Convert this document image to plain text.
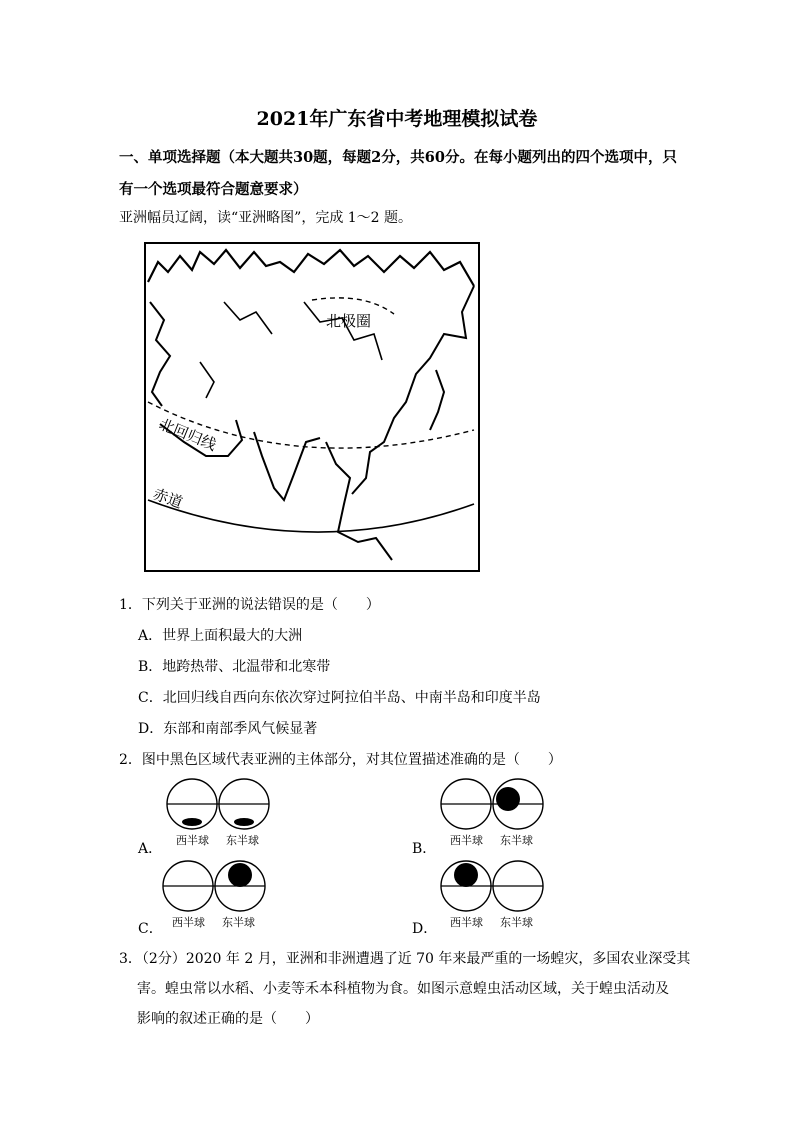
2021年广东省中考地理模拟试卷
一、单项选择题（本大题共30题，每题2分，共60分。在每小题列出的四个选项中，只
有一个选项最符合题意要求）
亚洲幅员辽阔，读“亚洲略图”，完成 1～2 题。
北极圈
北回归线
赤道
1．下列关于亚洲的说法错误的是（　　）
A．世界上面积最大的大洲
B．地跨热带、北温带和北寒带
C．北回归线自西向东依次穿过阿拉伯半岛、中南半岛和印度半岛
D．东部和南部季风气候显著
2．图中黑色区域代表亚洲的主体部分，对其位置描述准确的是（　　）
A．
西半球 东半球
B．
西半球 东半球
C． 西半球 东半球	D． 西半球 东半球
3．（2分）2020 年 2 月，亚洲和非洲遭遇了近 70 年来最严重的一场蝗灾，多国农业深受其
害。蝗虫常以水稻、小麦等禾本科植物为食。如图示意蝗虫活动区域，关于蝗虫活动及
影响的叙述正确的是（　　）
